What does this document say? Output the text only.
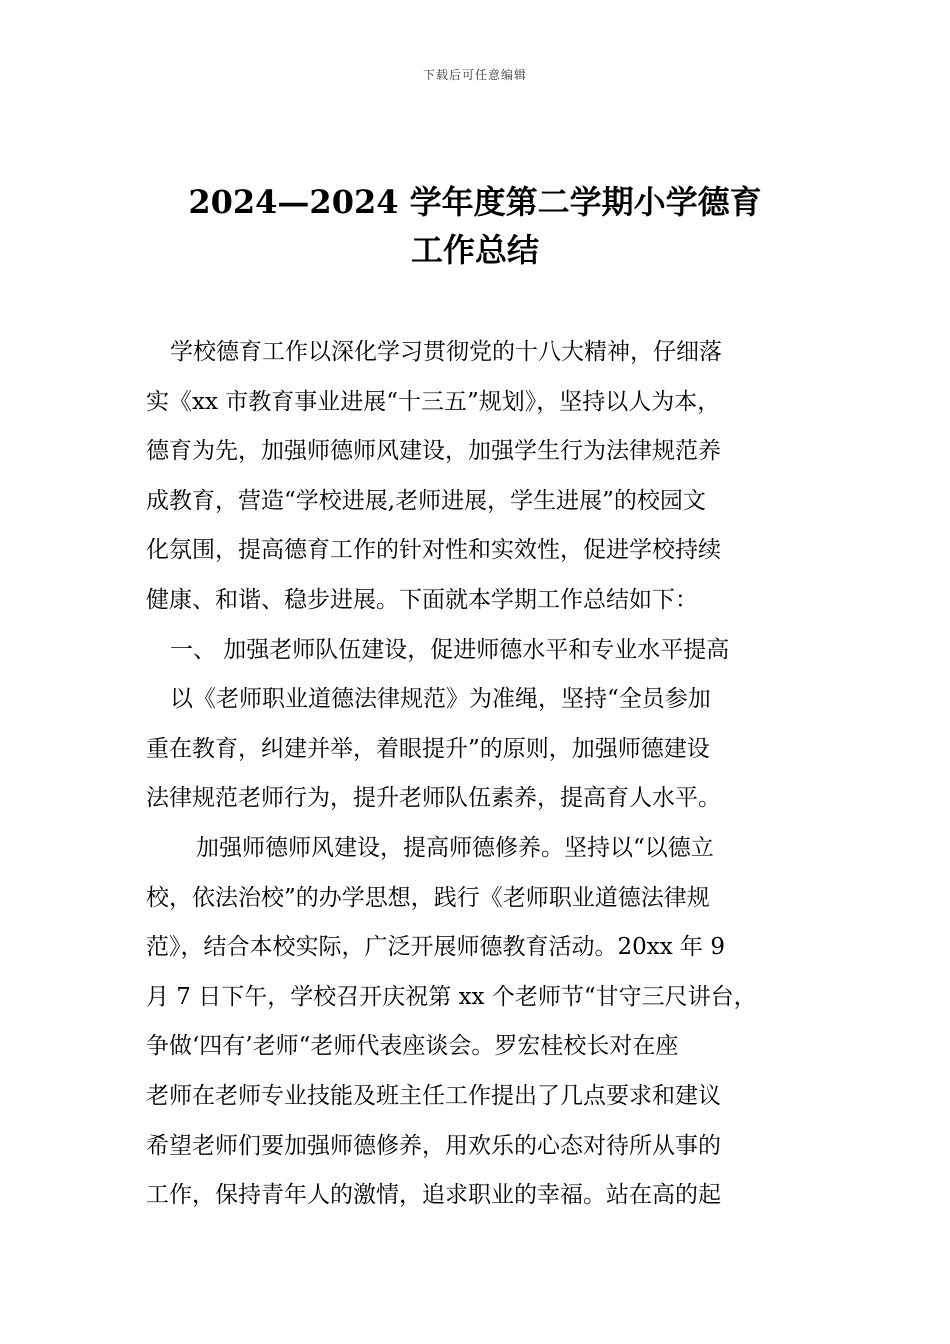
下载后可任意编辑
2024—2024 学年度第二学期小学德育
工作总结
学校德育工作以深化学习贯彻党的十八大精神，仔细落
实《xx 市教育事业进展“十三五”规划》，坚持以人为本，
德育为先，加强师德师风建设，加强学生行为法律规范养
成教育，营造“学校进展,老师进展，学生进展”的校园文
化氛围，提高德育工作的针对性和实效性，促进学校持续
健康、和谐、稳步进展。下面就本学期工作总结如下：
一、 加强老师队伍建设，促进师德水平和专业水平提高
以《老师职业道德法律规范》为准绳，坚持“全员参加
重在教育，纠建并举，着眼提升”的原则，加强师德建设
法律规范老师行为，提升老师队伍素养，提高育人水平。
加强师德师风建设，提高师德修养。坚持以“以德立
校，依法治校”的办学思想，践行《老师职业道德法律规
范》，结合本校实际，广泛开展师德教育活动。20xx 年 9
月 7 日下午，学校召开庆祝第 xx 个老师节“甘守三尺讲台，
争做‘四有’老师“老师代表座谈会。罗宏桂校长对在座
老师在老师专业技能及班主任工作提出了几点要求和建议
希望老师们要加强师德修养，用欢乐的心态对待所从事的
工作，保持青年人的激情，追求职业的幸福。站在高的起
